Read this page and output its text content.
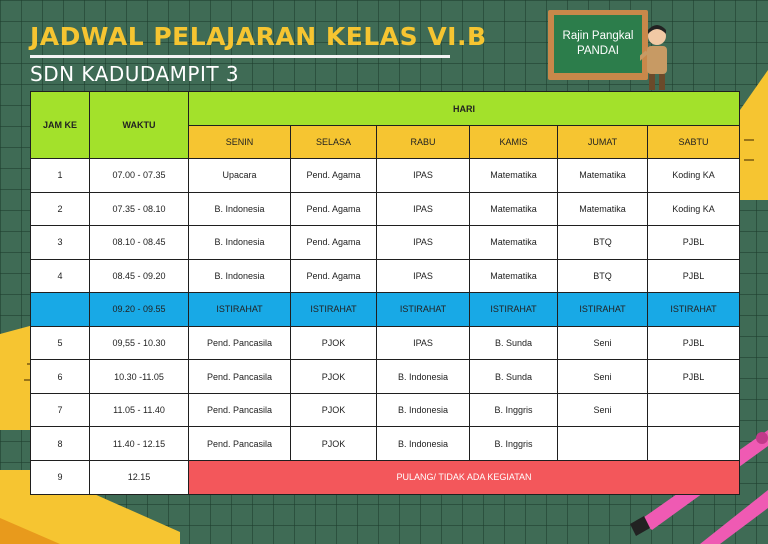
JADWAL PELAJARAN KELAS VI.B
SDN KADUDAMPIT 3
Rajin Pangkal
PANDAI
JAM KE	WAKTU	HARI					
		SENIN	SELASA	RABU	KAMIS	JUMAT	SABTU
1	07.00 - 07.35	Upacara	Pend. Agama	IPAS	Matematika	Matematika	Koding KA
2	07.35 - 08.10	B. Indonesia	Pend. Agama	IPAS	Matematika	Matematika	Koding KA
3	08.10 - 08.45	B. Indonesia	Pend. Agama	IPAS	Matematika	BTQ	PJBL
4	08.45 - 09.20	B. Indonesia	Pend. Agama	IPAS	Matematika	BTQ	PJBL
	09.20 - 09.55	ISTIRAHAT	ISTIRAHAT	ISTIRAHAT	ISTIRAHAT	ISTIRAHAT	ISTIRAHAT
5	09,55 - 10.30	Pend. Pancasila	PJOK	IPAS	B. Sunda	Seni	PJBL
6	10.30 -11.05	Pend. Pancasila	PJOK	B. Indonesia	B. Sunda	Seni	PJBL
7	11.05 - 11.40	Pend. Pancasila	PJOK	B. Indonesia	B. Inggris	Seni	
8	11.40 - 12.15	Pend. Pancasila	PJOK	B. Indonesia	B. Inggris		
9	12.15	PULANG/ TIDAK ADA KEGIATAN					
